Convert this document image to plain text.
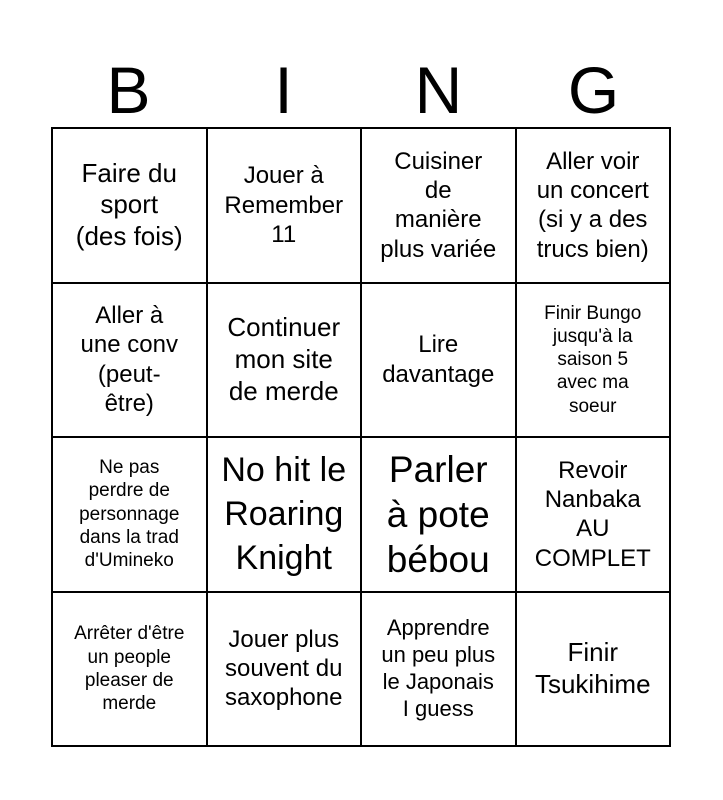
B	I	N	G
Faire du
sport
(des fois)
Jouer à
Remember
11
Cuisiner
de
manière
plus variée
Aller voir
un concert
(si y a des
trucs bien)
Aller à
une conv
(peut-
être)
Continuer
mon site
de merde
Lire
davantage
Finir Bungo
jusqu'à la
saison 5
avec ma
soeur
Ne pas
perdre de
personnage
dans la trad
d'Umineko
No hit le
Roaring
Knight
Parler
à pote
bébou
Revoir
Nanbaka
AU
COMPLET
Arrêter d'être
un people
pleaser de
merde
Jouer plus
souvent du
saxophone
Apprendre
un peu plus
le Japonais
I guess
Finir
Tsukihime
